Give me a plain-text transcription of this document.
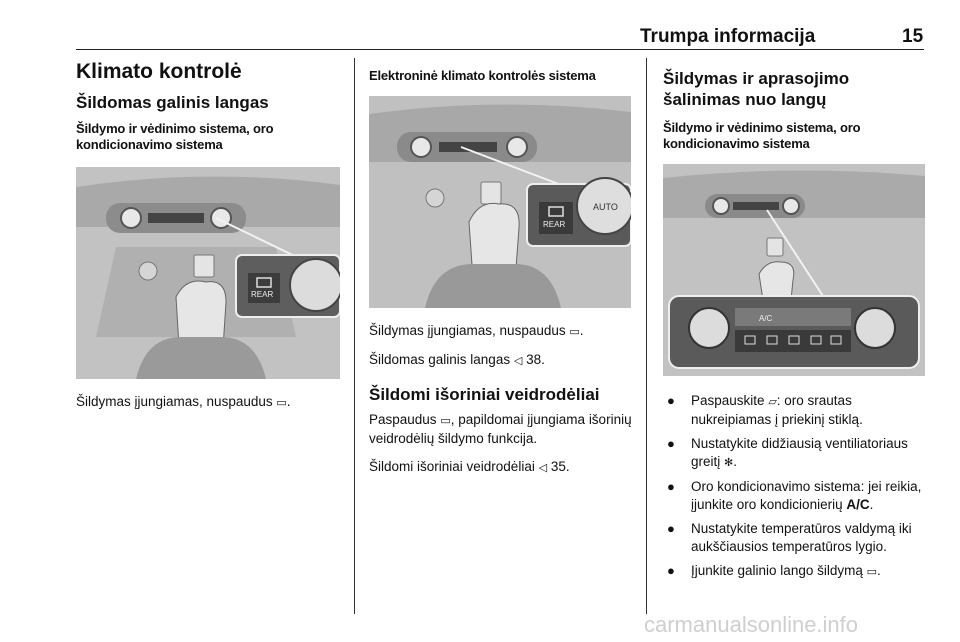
Trumpa informacija	15
Klimato kontrolė
Šildomas galinis langas
Šildymo ir vėdinimo sistema, oro kondicionavimo sistema
REAR
Šildymas įjungiamas, nuspaudus ▭.
Elektroninė klimato kontrolės sistema
AUTO
REAR
Šildymas įjungiamas, nuspaudus ▭.
Šildomas galinis langas ◁ 38.
Šildomi išoriniai veidrodėliai
Paspaudus ▭, papildomai įjungiama išorinių veidrodėlių šildymo funkcija.
Šildomi išoriniai veidrodėliai ◁ 35.
Šildymas ir aprasojimo šalinimas nuo langų
Šildymo ir vėdinimo sistema, oro kondicionavimo sistema
A/C
● Paspauskite ▱: oro srautas nukreipiamas į priekinį stiklą.
● Nustatykite didžiausią ventiliatoriaus greitį ✻.
● Oro kondicionavimo sistema: jei reikia, įjunkite oro kondicionierių A/C.
● Nustatykite temperatūros valdymą iki aukščiausios temperatūros lygio.
● Įjunkite galinio lango šildymą ▭.
carmanualsonline.info
